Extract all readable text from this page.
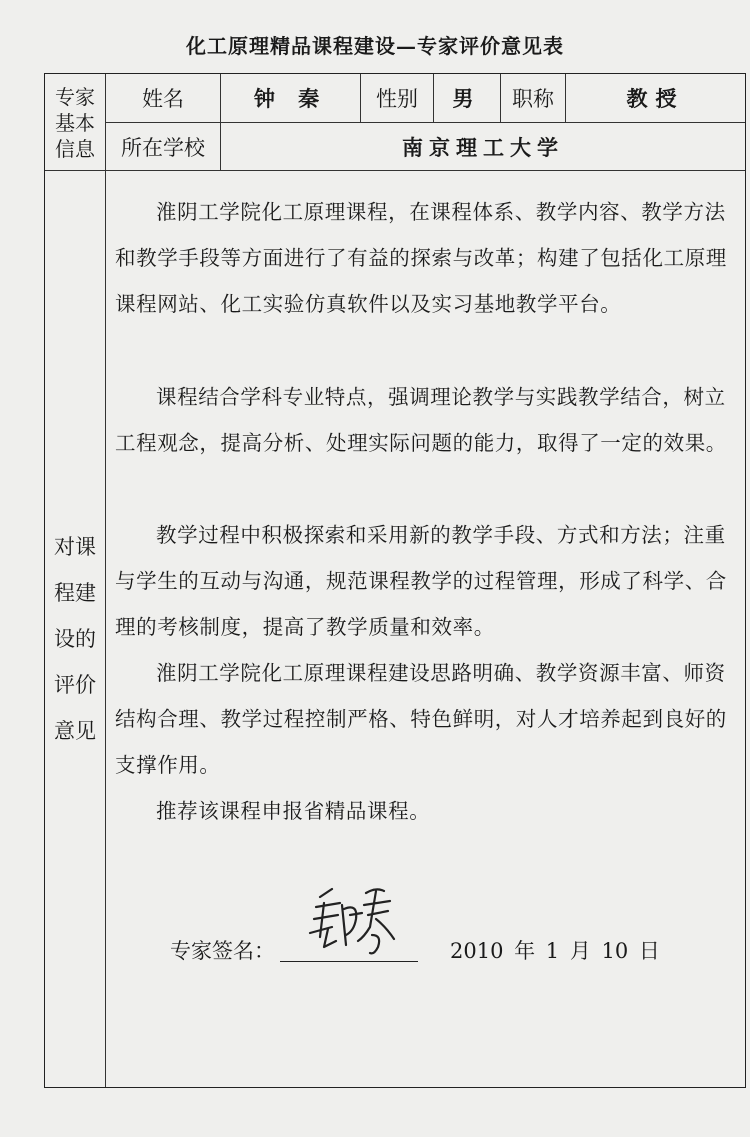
化工原理精品课程建设—专家评价意见表
专家
基本
信息
姓名	钟 秦	性别	男	职称	教授
所在学校	南京理工大学
对课
程建
设的
评价
意见

淮阴工学院化工原理课程，在课程体系、教学内容、教学方法和教学手段等方面进行了有益的探索与改革；构建了包括化工原理课程网站、化工实验仿真软件以及实习基地教学平台。

课程结合学科专业特点，强调理论教学与实践教学结合，树立工程观念，提高分析、处理实际问题的能力，取得了一定的效果。

教学过程中积极探索和采用新的教学手段、方式和方法；注重与学生的互动与沟通，规范课程教学的过程管理，形成了科学、合理的考核制度，提高了教学质量和效率。

淮阴工学院化工原理课程建设思路明确、教学资源丰富、师资结构合理、教学过程控制严格、特色鲜明，对人才培养起到良好的支撑作用。

推荐该课程申报省精品课程。

专家签名：	2010 年 1 月 10 日
